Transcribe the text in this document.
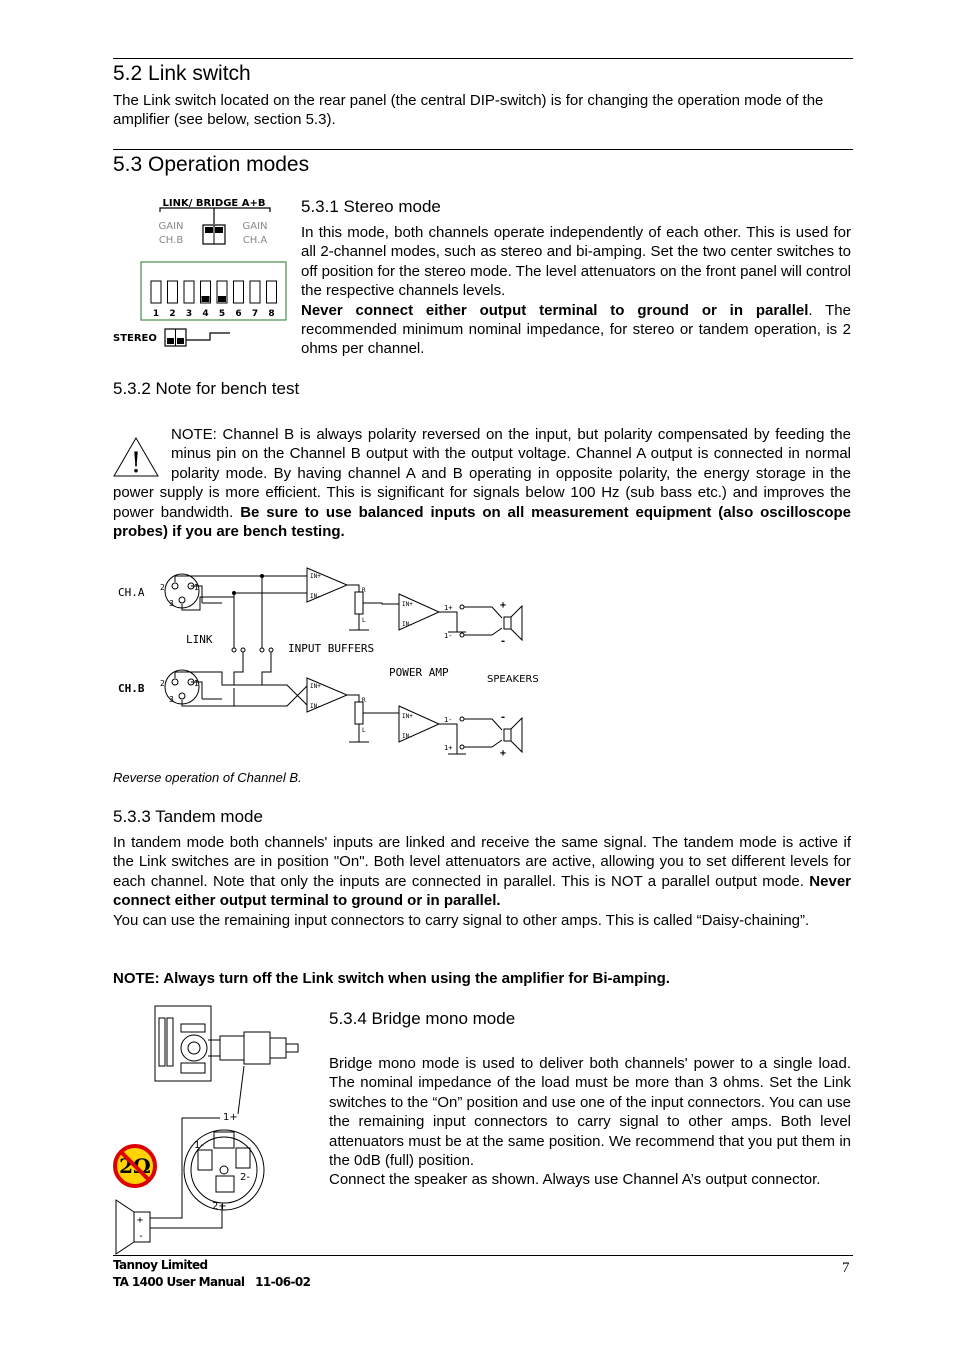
5.2 Link switch
The Link switch located on the rear panel (the central DIP-switch) is for changing the operation mode of the amplifier (see below, section 5.3).
5.3 Operation modes
LINK/ BRIDGE A+B
GAIN
CH.B
GAIN
CH.A
1 2 3 4 5 6 7 8
STEREO
5.3.1 Stereo mode
In this mode, both channels operate independently of each other. This is used for all 2-channel modes, such as stereo and bi-amping. Set the two center switches to off position for the stereo mode. The level attenuators on the front panel will control the respective channels levels.
Never connect either output terminal to ground or in parallel. The recommended minimum nominal impedance, for stereo or tandem operation, is 2 ohms per channel.
5.3.2 Note for bench test
!
NOTE: Channel B is always polarity reversed on the input, but polarity compensated by feeding the minus pin on the Channel B output with the output voltage. Channel A output is connected in normal polarity mode. By having channel A and B operating in opposite polarity, the energy storage in the power supply is more efficient. This is significant for signals below 100 Hz (sub bass etc.) and improves the power bandwidth. Be sure to use balanced inputs on all measurement equipment (also oscilloscope probes) if you are bench testing.
CH.A 2	1
3
IN+
IN-
R
L
IN+
IN-
1+
1-
+
-
LINK
INPUT BUFFERS
POWER AMP
SPEAKERS
CH.B 2	1
3
IN+
IN-
R
L
IN+
IN-
1-
1+
-
+
Reverse operation of Channel B.
5.3.3 Tandem mode
In tandem mode both channels' inputs are linked and receive the same signal. The tandem mode is active if the Link switches are in position "On". Both level attenuators are active, allowing you to set different levels for each channel. Note that only the inputs are connected in parallel. This is NOT a parallel output mode. Never connect either output terminal to ground or in parallel.
You can use the remaining input connectors to carry signal to other amps. This is called “Daisy-chaining”.
NOTE: Always turn off the Link switch when using the amplifier for Bi-amping.
1+
1-
2-
2+
+
-
2Ω
5.3.4 Bridge mono mode
Bridge mono mode is used to deliver both channels' power to a single load. The nominal impedance of the load must be more than 3 ohms. Set the Link switches to the “On” position and use one of the input connectors. You can use the remaining input connectors to carry signal to other amps. Both level attenuators must be at the same position. We recommend that you put them in the 0dB (full) position.
Connect the speaker as shown. Always use Channel A’s output connector.
Tannoy Limited
TA 1400 User Manual   11-06-02
7
